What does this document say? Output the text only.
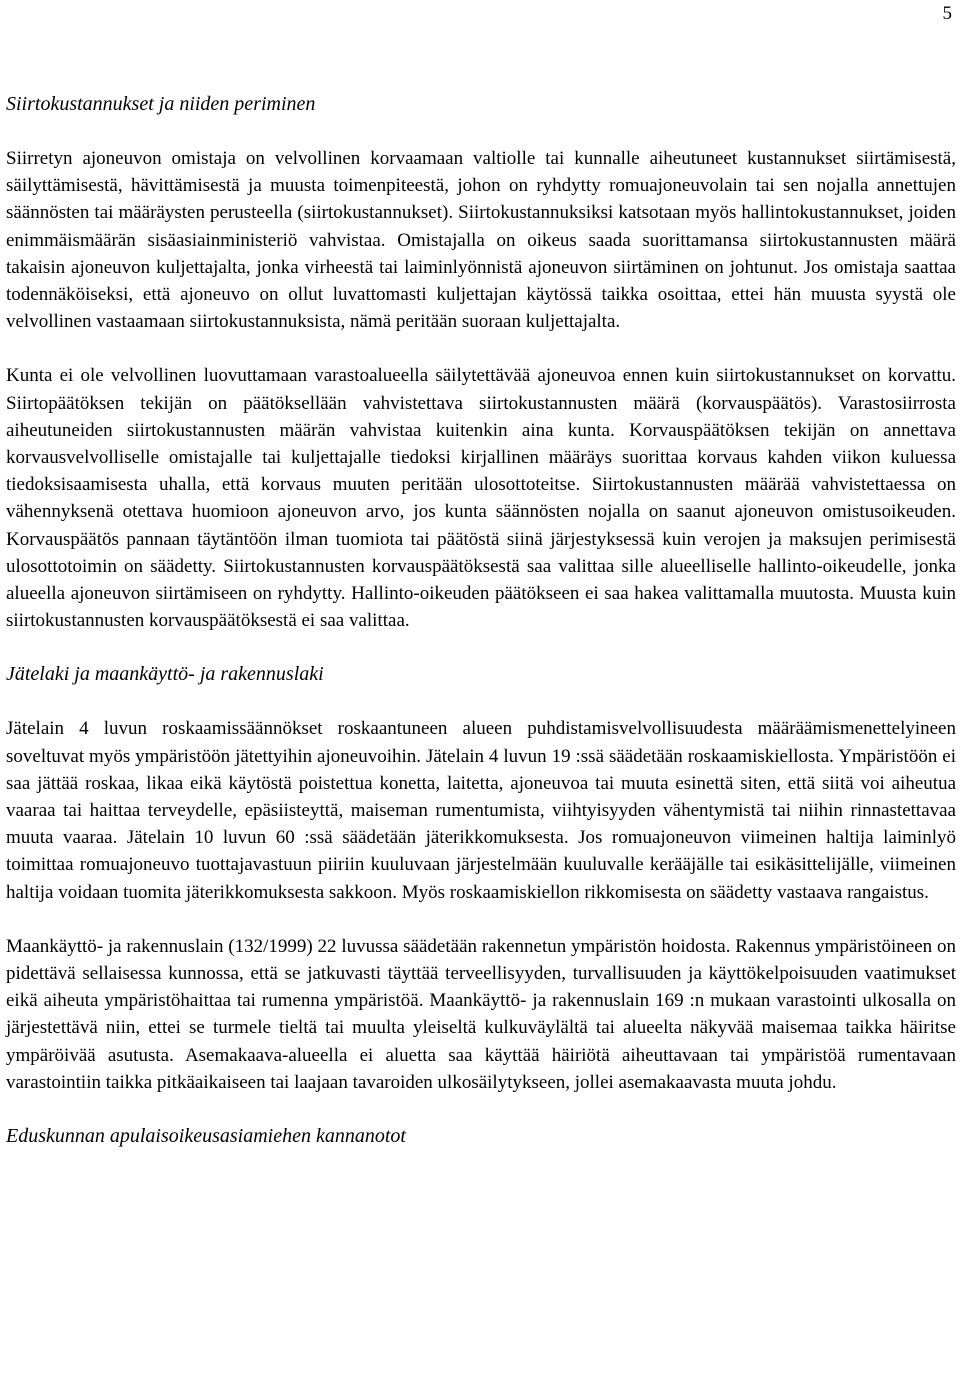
5

Siirtokustannukset ja niiden periminen

Siirretyn ajoneuvon omistaja on velvollinen korvaamaan valtiolle tai kunnalle aiheutuneet kustannukset siirtämisestä, säilyttämisestä, hävittämisestä ja muusta toimenpiteestä, johon on ryhdytty romuajoneuvolain tai sen nojalla annettujen säännösten tai määräysten perusteella (siirtokustannukset). Siirtokustannuksiksi katsotaan myös hallintokustannukset, joiden enimmäismäärän sisäasiainministeriö vahvistaa. Omistajalla on oikeus saada suorittamansa siirtokustannusten määrä takaisin ajoneuvon kuljettajalta, jonka virheestä tai laiminlyönnistä ajoneuvon siirtäminen on johtunut. Jos omistaja saattaa todennäköiseksi, että ajoneuvo on ollut luvattomasti kuljettajan käytössä taikka osoittaa, ettei hän muusta syystä ole velvollinen vastaamaan siirtokustannuksista, nämä peritään suoraan kuljettajalta.

Kunta ei ole velvollinen luovuttamaan varastoalueella säilytettävää ajoneuvoa ennen kuin siirtokustannukset on korvattu. Siirtopäätöksen tekijän on päätöksellään vahvistettava siirtokustannusten määrä (korvauspäätös). Varastosiirrosta aiheutuneiden siirtokustannusten määrän vahvistaa kuitenkin aina kunta. Korvauspäätöksen tekijän on annettava korvausvelvolliselle omistajalle tai kuljettajalle tiedoksi kirjallinen määräys suorittaa korvaus kahden viikon kuluessa tiedoksisaamisesta uhalla, että korvaus muuten peritään ulosottoteitse. Siirtokustannusten määrää vahvistettaessa on vähennyksenä otettava huomioon ajoneuvon arvo, jos kunta säännösten nojalla on saanut ajoneuvon omistusoikeuden. Korvauspäätös pannaan täytäntöön ilman tuomiota tai päätöstä siinä järjestyksessä kuin verojen ja maksujen perimisestä ulosottotoimin on säädetty. Siirtokustannusten korvauspäätöksestä saa valittaa sille alueelliselle hallinto-oikeudelle, jonka alueella ajoneuvon siirtämiseen on ryhdytty. Hallinto-oikeuden päätökseen ei saa hakea valittamalla muutosta. Muusta kuin siirtokustannusten korvauspäätöksestä ei saa valittaa.

Jätelaki ja maankäyttö- ja rakennuslaki

Jätelain 4 luvun roskaamissäännökset roskaantuneen alueen puhdistamisvelvollisuudesta määräämismenettelyineen soveltuvat myös ympäristöön jätettyihin ajoneuvoihin. Jätelain 4 luvun 19 :ssä säädetään roskaamiskiellosta. Ympäristöön ei saa jättää roskaa, likaa eikä käytöstä poistettua konetta, laitetta, ajoneuvoa tai muuta esinettä siten, että siitä voi aiheutua vaaraa tai haittaa terveydelle, epäsiisteyttä, maiseman rumentumista, viihtyisyyden vähentymistä tai niihin rinnastettavaa muuta vaaraa. Jätelain 10 luvun 60 :ssä säädetään jäterikkomuksesta. Jos romuajoneuvon viimeinen haltija laiminlyö toimittaa romuajoneuvo tuottajavastuun piiriin kuuluvaan järjestelmään kuuluvalle kerääjälle tai esikäsittelijälle, viimeinen haltija voidaan tuomita jäterikkomuksesta sakkoon. Myös roskaamiskiellon rikkomisesta on säädetty vastaava rangaistus.

Maankäyttö- ja rakennuslain (132/1999) 22 luvussa säädetään rakennetun ympäristön hoidosta. Rakennus ympäristöineen on pidettävä sellaisessa kunnossa, että se jatkuvasti täyttää terveellisyyden, turvallisuuden ja käyttökelpoisuuden vaatimukset eikä aiheuta ympäristöhaittaa tai rumenna ympäristöä. Maankäyttö- ja rakennuslain 169 :n mukaan varastointi ulkosalla on järjestettävä niin, ettei se turmele tieltä tai muulta yleiseltä kulkuväylältä tai alueelta näkyvää maisemaa taikka häiritse ympäröivää asutusta. Asemakaava-alueella ei aluetta saa käyttää häiriötä aiheuttavaan tai ympäristöä rumentavaan varastointiin taikka pitkäaikaiseen tai laajaan tavaroiden ulkosäilytykseen, jollei asemakaavasta muuta johdu.

Eduskunnan apulaisoikeusasiamiehen kannanotot
